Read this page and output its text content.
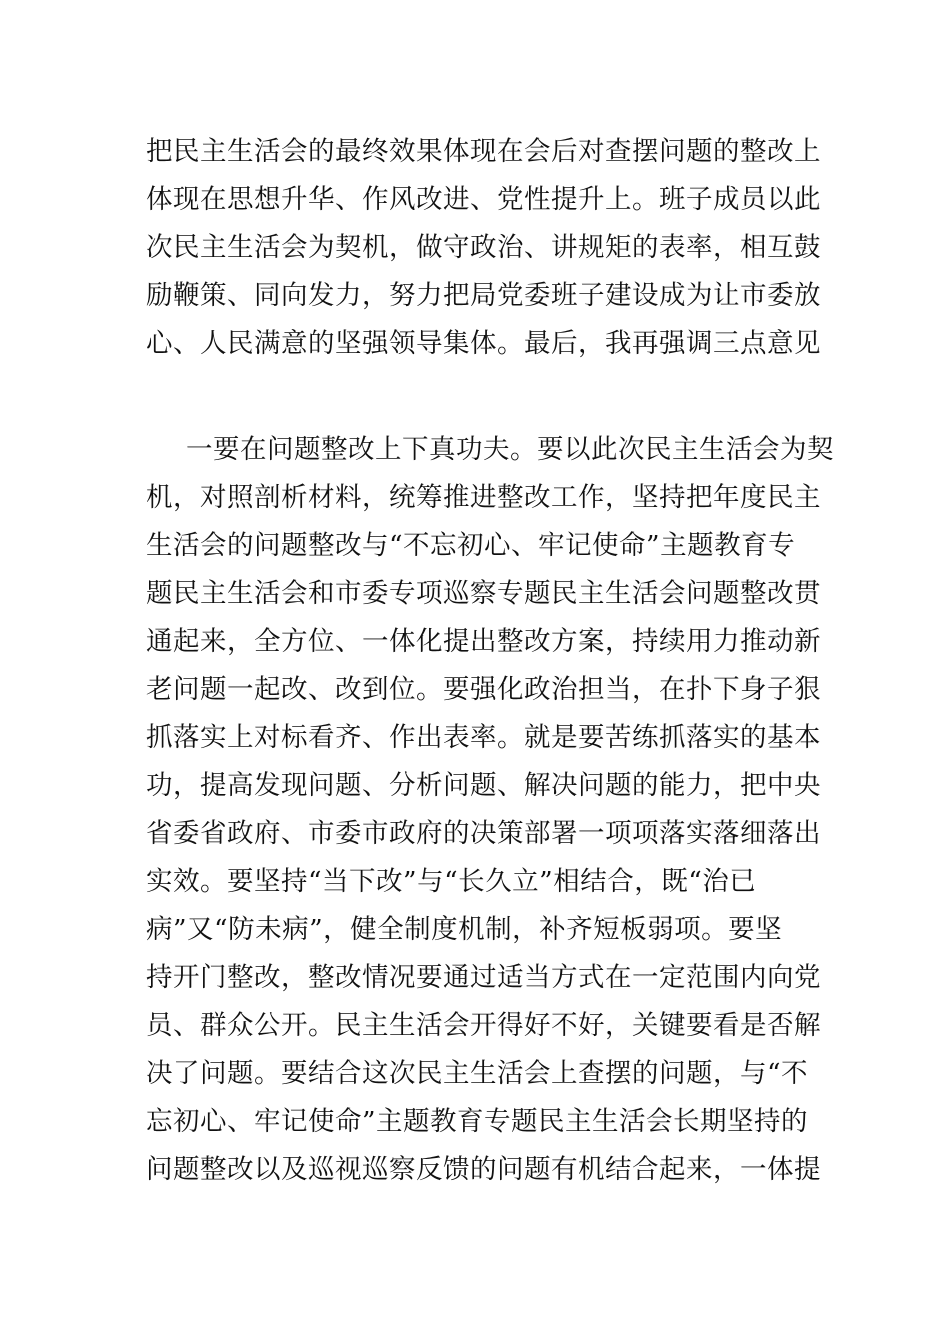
把民主生活会的最终效果体现在会后对查摆问题的整改上
体现在思想升华、作风改进、党性提升上。班子成员以此
次民主生活会为契机，做守政治、讲规矩的表率，相互鼓
励鞭策、同向发力，努力把局党委班子建设成为让市委放
心、人民满意的坚强领导集体。最后，我再强调三点意见
一要在问题整改上下真功夫。要以此次民主生活会为契
机，对照剖析材料，统筹推进整改工作，坚持把年度民主
生活会的问题整改与“不忘初心、牢记使命”主题教育专
题民主生活会和市委专项巡察专题民主生活会问题整改贯
通起来，全方位、一体化提出整改方案，持续用力推动新
老问题一起改、改到位。要强化政治担当，在扑下身子狠
抓落实上对标看齐、作出表率。就是要苦练抓落实的基本
功，提高发现问题、分析问题、解决问题的能力，把中央
省委省政府、市委市政府的决策部署一项项落实落细落出
实效。要坚持“当下改”与“长久立”相结合，既“治已
病”又“防未病”，健全制度机制，补齐短板弱项。要坚
持开门整改，整改情况要通过适当方式在一定范围内向党
员、群众公开。民主生活会开得好不好，关键要看是否解
决了问题。要结合这次民主生活会上查摆的问题，与“不
忘初心、牢记使命”主题教育专题民主生活会长期坚持的
问题整改以及巡视巡察反馈的问题有机结合起来，一体提
